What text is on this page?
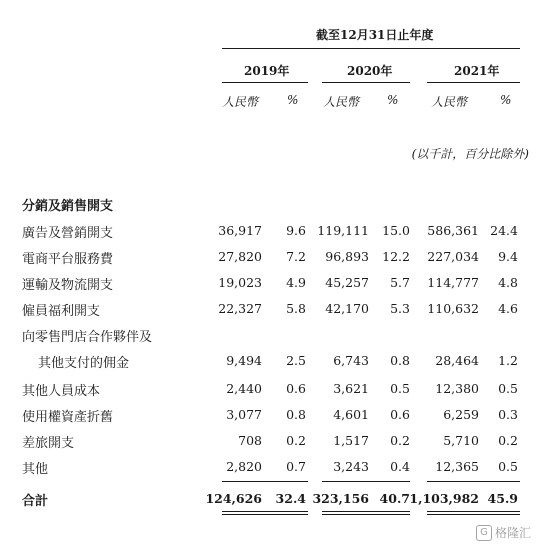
截至12月31日止年度
2019年	2020年	2021年
人民幣 % 人民幣 %	人民幣	%
(以千計，百分比除外)
分銷及銷售開支
廣告及營銷開支	36,917 9.6 119,111 15.0 586,361 24.4
電商平台服務費	27,820 7.2 96,893 12.2 227,034 9.4
運輸及物流開支	19,023 4.9 45,257 5.7 114,777 4.8
僱員福利開支	22,327 5.8 42,170 5.3 110,632 4.6
向零售門店合作夥伴及
其他支付的佣金	9,494 2.5 6,743 0.8 28,464 1.2
其他人員成本	2,440 0.6 3,621 0.5 12,380 0.5
使用權資產折舊	3,077 0.8 4,601 0.6	6,259 0.3
差旅開支	708 0.2 1,517 0.2	5,710 0.2
其他	2,820 0.7 3,243 0.4 12,365 0.5
合計	124,626 32.4 323,156 40.7 1,103,982 45.9
G 格隆汇
